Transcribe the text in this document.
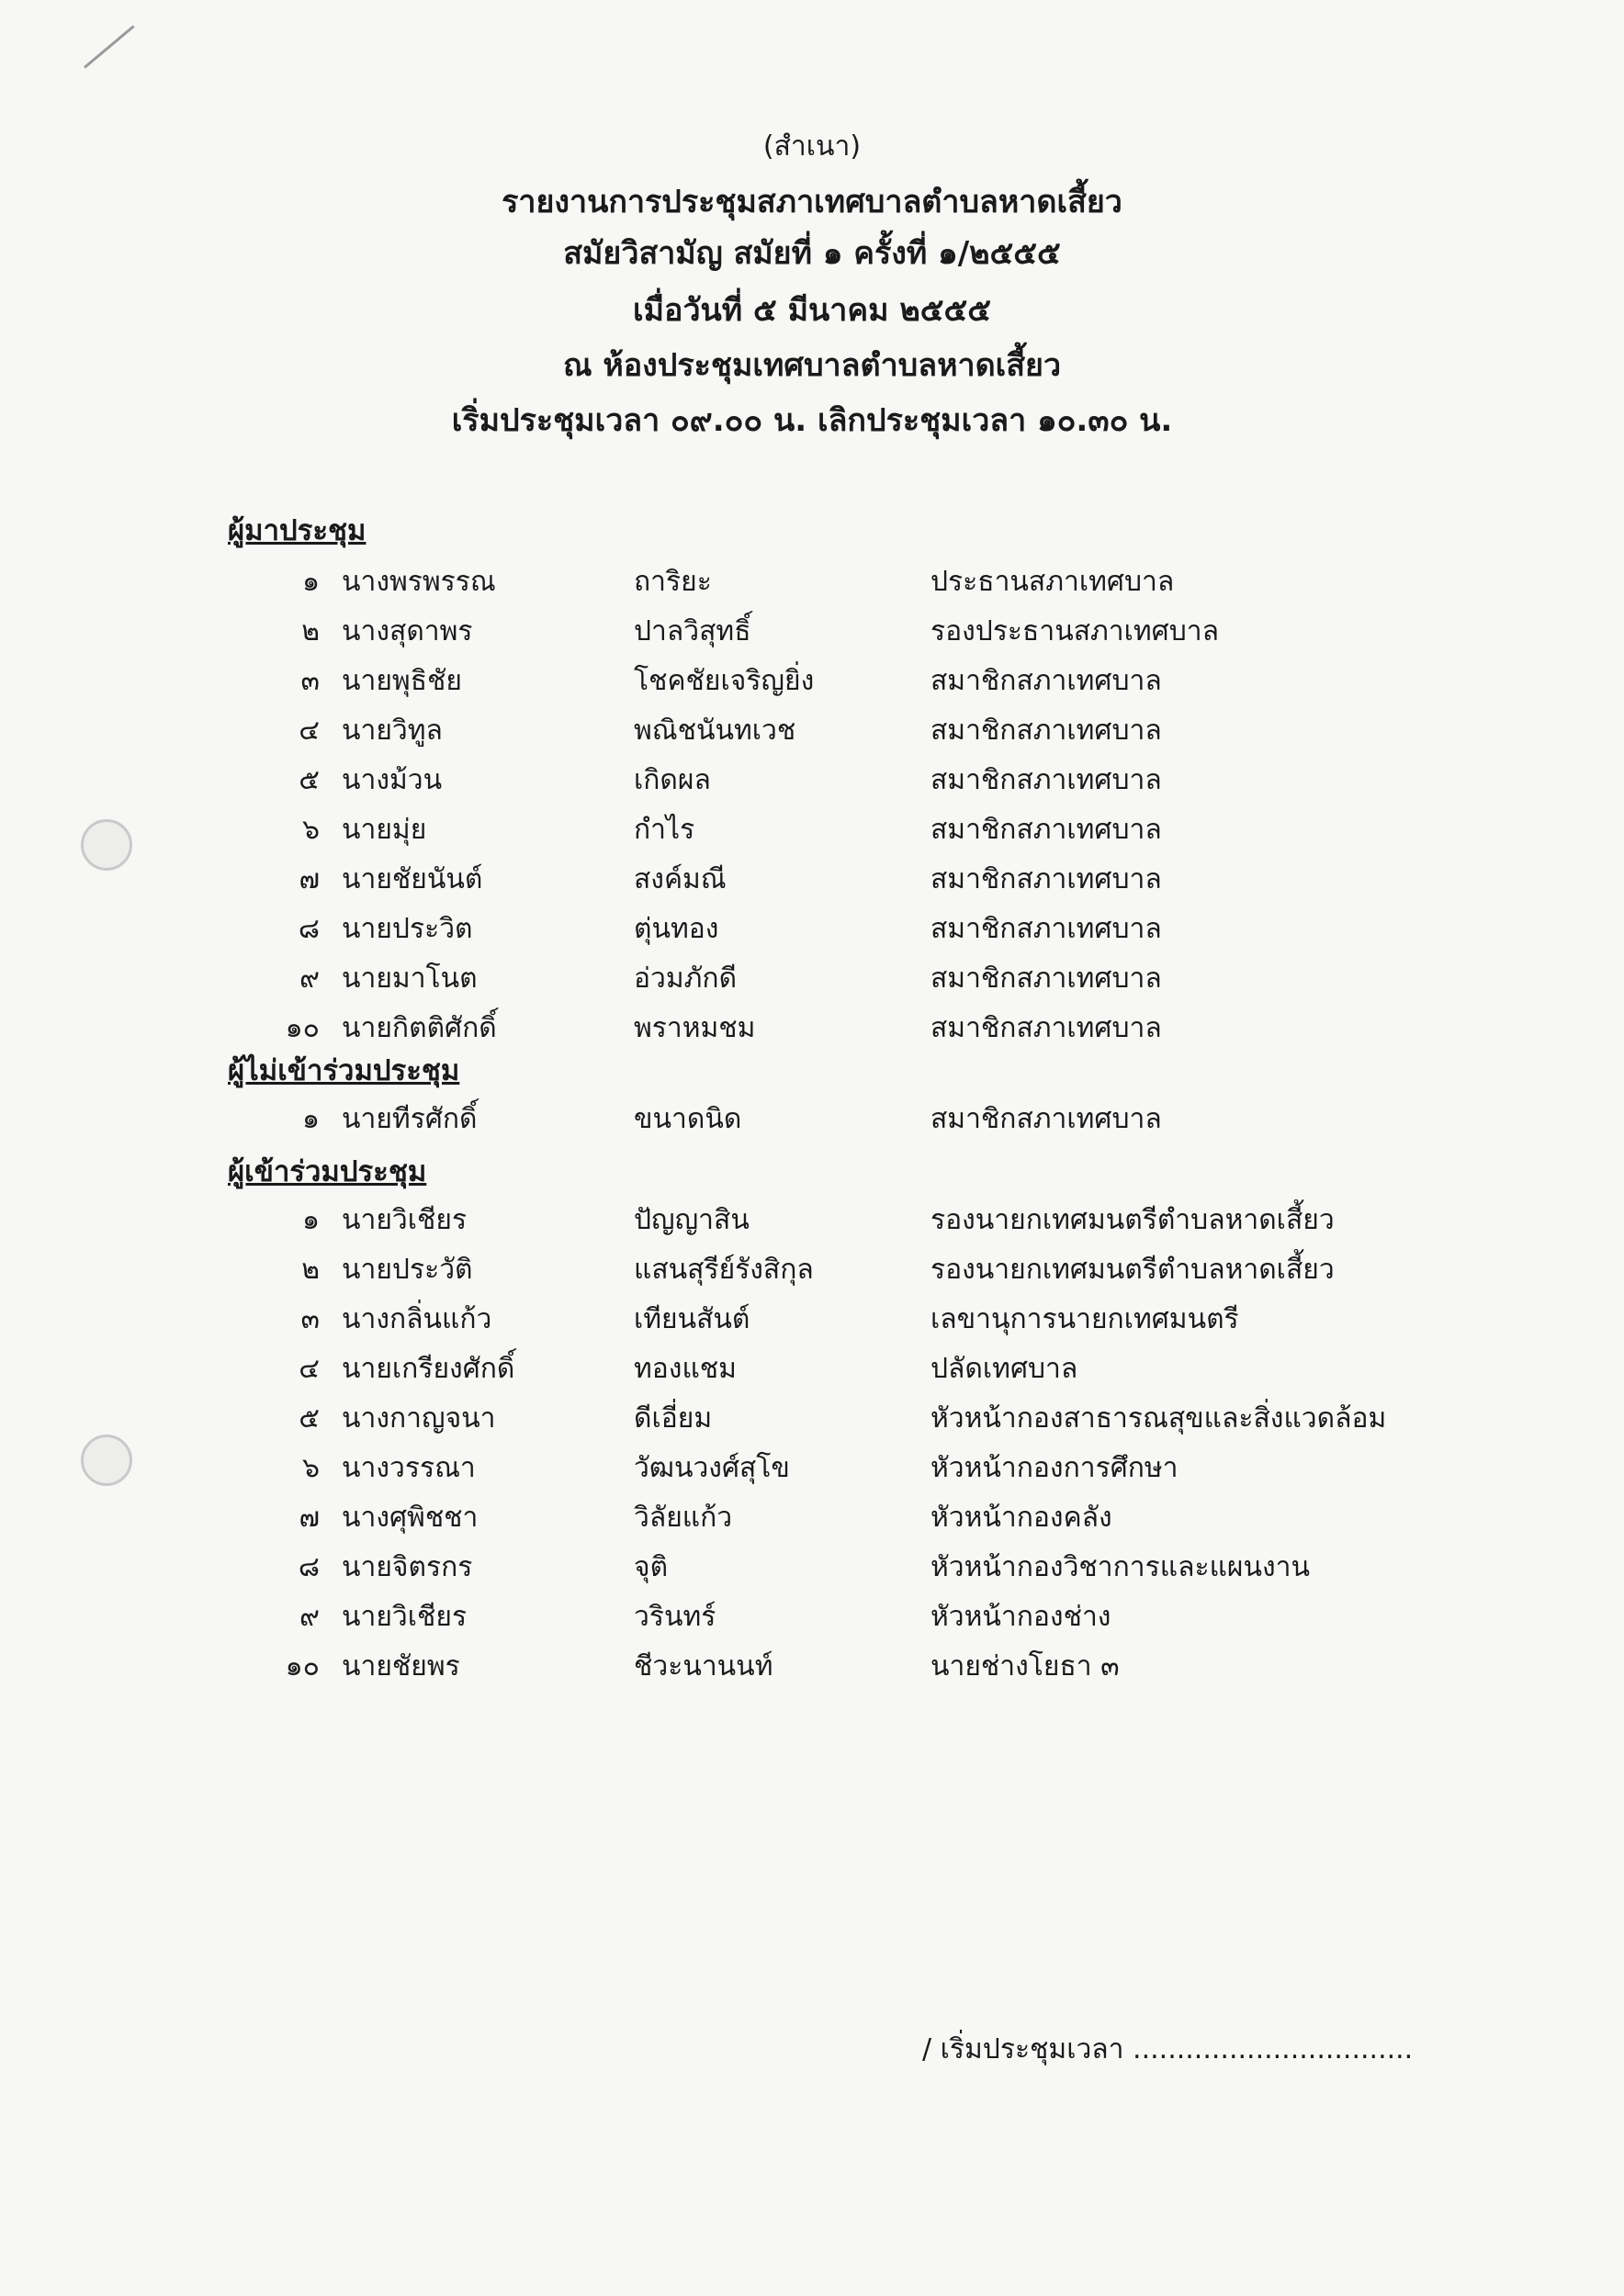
(สำเนา)
รายงานการประชุมสภาเทศบาลตำบลหาดเสี้ยว
สมัยวิสามัญ สมัยที่ ๑ ครั้งที่ ๑/๒๕๕๕
เมื่อวันที่ ๕ มีนาคม ๒๕๕๕
ณ ห้องประชุมเทศบาลตำบลหาดเสี้ยว
เริ่มประชุมเวลา ๐๙.๐๐ น. เลิกประชุมเวลา ๑๐.๓๐ น.
ผู้มาประชุม
ผู้ไม่เข้าร่วมประชุม
ผู้เข้าร่วมประชุม
๑ นางพรพรรณ	ถาริยะ	ประธานสภาเทศบาล
๒ นางสุดาพร	ปาลวิสุทธิ์	รองประธานสภาเทศบาล
๓ นายพุธิชัย	โชคชัยเจริญยิ่ง	สมาชิกสภาเทศบาล
๔ นายวิทูล	พณิชนันทเวช	สมาชิกสภาเทศบาล
๕ นางม้วน	เกิดผล	สมาชิกสภาเทศบาล
๖ นายมุ่ย	กำไร	สมาชิกสภาเทศบาล
๗ นายชัยนันต์	สงค์มณี	สมาชิกสภาเทศบาล
๘ นายประวิต	ตุ่นทอง	สมาชิกสภาเทศบาล
๙ นายมาโนต	อ่วมภักดี	สมาชิกสภาเทศบาล
๑๐ นายกิตติศักดิ์	พราหมชม	สมาชิกสภาเทศบาล
๑ นายทีรศักดิ์	ขนาดนิด	สมาชิกสภาเทศบาล
๑ นายวิเชียร	ปัญญาสิน	รองนายกเทศมนตรีตำบลหาดเสี้ยว
๒ นายประวัติ	แสนสุรีย์รังสิกุล	รองนายกเทศมนตรีตำบลหาดเสี้ยว
๓ นางกลิ่นแก้ว	เทียนสันต์	เลขานุการนายกเทศมนตรี
๔ นายเกรียงศักดิ์	ทองแชม	ปลัดเทศบาล
๕ นางกาญจนา	ดีเอี่ยม	หัวหน้ากองสาธารณสุขและสิ่งแวดล้อม
๖ นางวรรณา	วัฒนวงศ์สุโข	หัวหน้ากองการศึกษา
๗ นางศุพิชชา	วิลัยแก้ว	หัวหน้ากองคลัง
๘ นายจิตรกร	จุติ	หัวหน้ากองวิชาการและแผนงาน
๙ นายวิเชียร	วรินทร์	หัวหน้ากองช่าง
๑๐ นายชัยพร	ชีวะนานนท์	นายช่างโยธา ๓
/ เริ่มประชุมเวลา ................................
